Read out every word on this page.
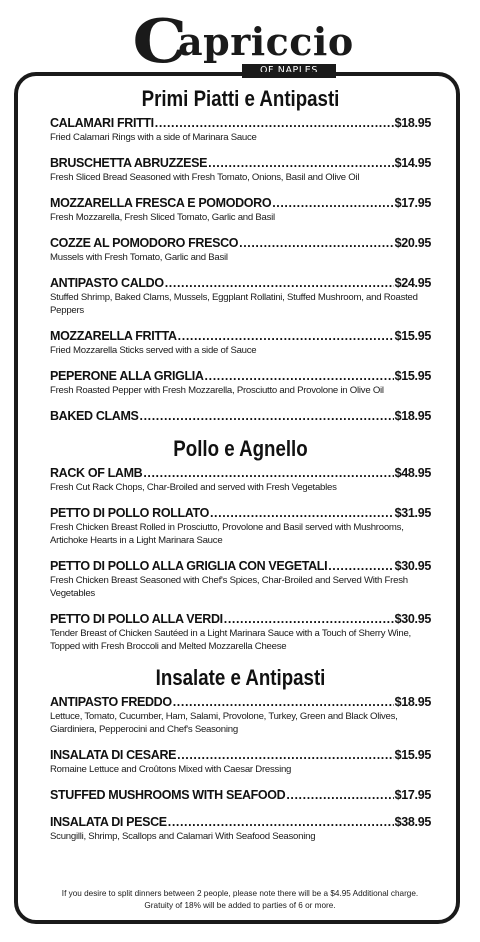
C
apriccio
OF NAPLES
Primi Piatti e Antipasti
CALAMARI FRITTI .....	$18.95
Fried Calamari Rings with a side of Marinara Sauce
BRUSCHETTA ABRUZZESE .....	$14.95
Fresh Sliced Bread Seasoned with Fresh Tomato, Onions, Basil and Olive Oil
MOZZARELLA FRESCA E POMODORO .....	$17.95
Fresh Mozzarella, Fresh Sliced Tomato, Garlic and Basil
COZZE AL POMODORO FRESCO .....	$20.95
Mussels with Fresh Tomato, Garlic and Basil
ANTIPASTO CALDO .....	$24.95
Stuffed Shrimp, Baked Clams, Mussels, Eggplant Rollatini, Stuffed Mushroom, and Roasted Peppers
MOZZARELLA FRITTA .....	$15.95
Fried Mozzarella Sticks served with a side of Sauce
PEPERONE ALLA GRIGLIA .....	$15.95
Fresh Roasted Pepper with Fresh Mozzarella, Prosciutto and Provolone in Olive Oil
BAKED CLAMS .....	$18.95
Pollo e Agnello
RACK OF LAMB .....	$48.95
Fresh Cut Rack Chops, Char-Broiled and served with Fresh Vegetables
PETTO DI POLLO ROLLATO .....	$31.95
Fresh Chicken Breast Rolled in Prosciutto, Provolone and Basil served with Mushrooms, Artichoke Hearts in a Light Marinara Sauce
PETTO DI POLLO ALLA GRIGLIA CON VEGETALI .....	$30.95
Fresh Chicken Breast Seasoned with Chef's Spices, Char-Broiled and Served With Fresh Vegetables
PETTO DI POLLO ALLA VERDI .....	$30.95
Tender Breast of Chicken Sautéed in a Light Marinara Sauce with a Touch of Sherry Wine, Topped with Fresh Broccoli and Melted Mozzarella Cheese
Insalate e Antipasti
ANTIPASTO FREDDO .....	$18.95
Lettuce, Tomato, Cucumber, Ham, Salami, Provolone, Turkey, Green and Black Olives, Giardiniera, Pepperocini and Chef's Seasoning
INSALATA DI CESARE .....	$15.95
Romaine Lettuce and Croûtons Mixed with Caesar Dressing
STUFFED MUSHROOMS WITH SEAFOOD .....	$17.95
INSALATA DI PESCE .....	$38.95
Scungilli, Shrimp, Scallops and Calamari With Seafood Seasoning
If you desire to split dinners between 2 people, please note there will be a $4.95 Additional charge.
Gratuity of 18% will be added to parties of 6 or more.
